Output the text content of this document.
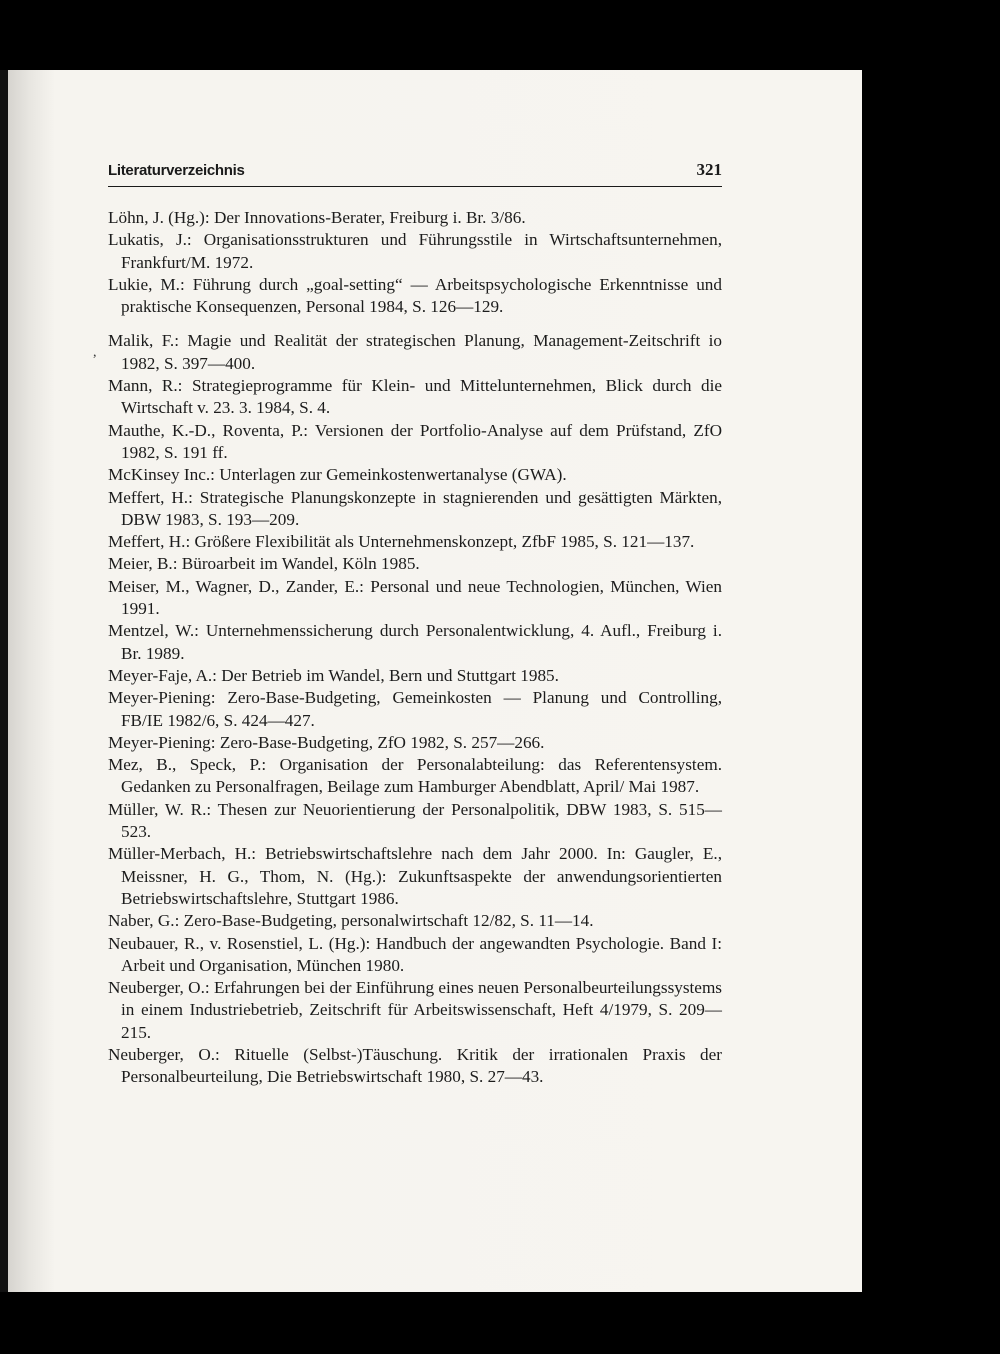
Literaturverzeichnis	321
,
Löhn, J. (Hg.): Der Innovations-Berater, Freiburg i. Br. 3/86.
Lukatis, J.: Organisationsstrukturen und Führungsstile in Wirtschaftsunternehmen, Frankfurt/M. 1972.
Lukie, M.: Führung durch „goal-setting“ — Arbeitspsychologische Erkenntnisse und praktische Konsequenzen, Personal 1984, S. 126—129.
Malik, F.: Magie und Realität der strategischen Planung, Management-Zeitschrift io 1982, S. 397—400.
Mann, R.: Strategieprogramme für Klein- und Mittelunternehmen, Blick durch die Wirtschaft v. 23. 3. 1984, S. 4.
Mauthe, K.-D., Roventa, P.: Versionen der Portfolio-Analyse auf dem Prüfstand, ZfO 1982, S. 191 ff.
McKinsey Inc.: Unterlagen zur Gemeinkostenwertanalyse (GWA).
Meffert, H.: Strategische Planungskonzepte in stagnierenden und gesättigten Märkten, DBW 1983, S. 193—209.
Meffert, H.: Größere Flexibilität als Unternehmenskonzept, ZfbF 1985, S. 121—137.
Meier, B.: Büroarbeit im Wandel, Köln 1985.
Meiser, M., Wagner, D., Zander, E.: Personal und neue Technologien, München, Wien 1991.
Mentzel, W.: Unternehmenssicherung durch Personalentwicklung, 4. Aufl., Freiburg i. Br. 1989.
Meyer-Faje, A.: Der Betrieb im Wandel, Bern und Stuttgart 1985.
Meyer-Piening: Zero-Base-Budgeting, Gemeinkosten — Planung und Controlling, FB/IE 1982/6, S. 424—427.
Meyer-Piening: Zero-Base-Budgeting, ZfO 1982, S. 257—266.
Mez, B., Speck, P.: Organisation der Personalabteilung: das Referentensystem. Gedanken zu Personalfragen, Beilage zum Hamburger Abendblatt, April/ Mai 1987.
Müller, W. R.: Thesen zur Neuorientierung der Personalpolitik, DBW 1983, S. 515—523.
Müller-Merbach, H.: Betriebswirtschaftslehre nach dem Jahr 2000. In: Gaugler, E., Meissner, H. G., Thom, N. (Hg.): Zukunftsaspekte der anwendungsorientierten Betriebswirtschaftslehre, Stuttgart 1986.
Naber, G.: Zero-Base-Budgeting, personalwirtschaft 12/82, S. 11—14.
Neubauer, R., v. Rosenstiel, L. (Hg.): Handbuch der angewandten Psychologie. Band I: Arbeit und Organisation, München 1980.
Neuberger, O.: Erfahrungen bei der Einführung eines neuen Personalbeurteilungssystems in einem Industriebetrieb, Zeitschrift für Arbeitswissenschaft, Heft 4/1979, S. 209—215.
Neuberger, O.: Rituelle (Selbst-)Täuschung. Kritik der irrationalen Praxis der Personalbeurteilung, Die Betriebswirtschaft 1980, S. 27—43.
